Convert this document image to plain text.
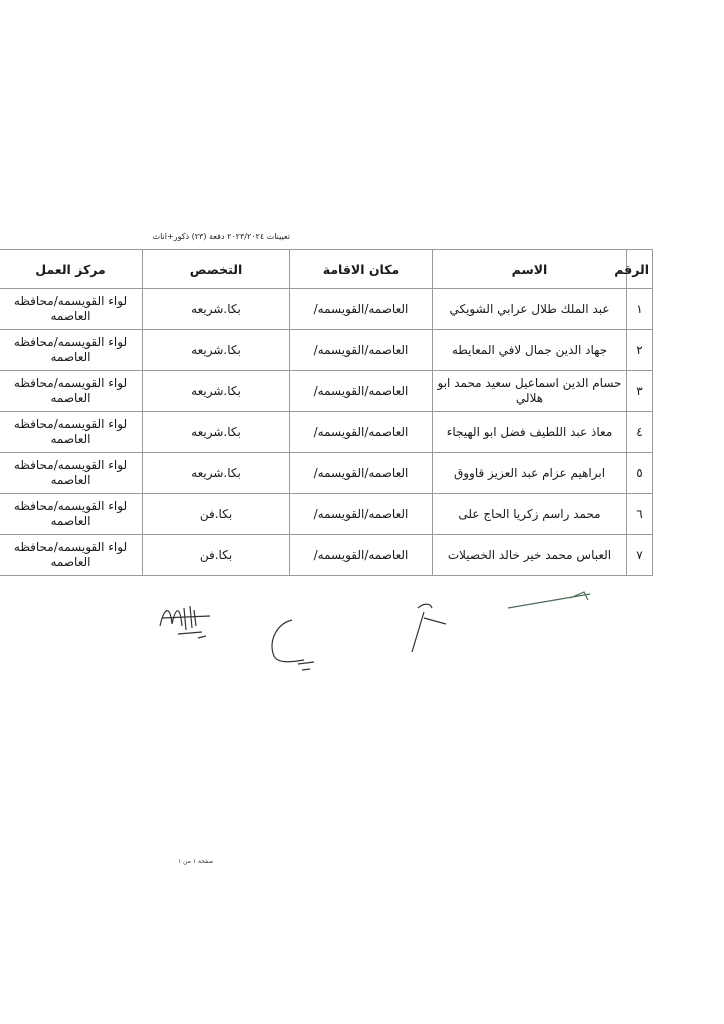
تعيينات ٢٠٢٣/٢٠٢٤ دفعة (٢٣) ذكور+اناث
الرقم	الاسم	مكان الاقامة	التخصص	مركز العمل
١	عبد الملك طلال عرابي الشويكي	العاصمه/القويسمه/	بكا.شريعه	لواء القويسمه/محافظه العاصمه
٢	جهاد الدين جمال لافي المعايطه	العاصمه/القويسمه/	بكا.شريعه	لواء القويسمه/محافظه العاصمه
٣	حسام الدين اسماعيل سعيد محمد ابو هلالي	العاصمه/القويسمه/	بكا.شريعه	لواء القويسمه/محافظه العاصمه
٤	معاذ عبد اللطيف فضل ابو الهيجاء	العاصمه/القويسمه/	بكا.شريعه	لواء القويسمه/محافظه العاصمه
٥	ابراهيم عزام عبد العزيز قاووق	العاصمه/القويسمه/	بكا.شريعه	لواء القويسمه/محافظه العاصمه
٦	محمد راسم زكريا الحاج على	العاصمه/القويسمه/	بكا.فن	لواء القويسمه/محافظه العاصمه
٧	العباس محمد خير خالد الخصيلات	العاصمه/القويسمه/	بكا.فن	لواء القويسمه/محافظه العاصمه
صفحة ١ من ١
